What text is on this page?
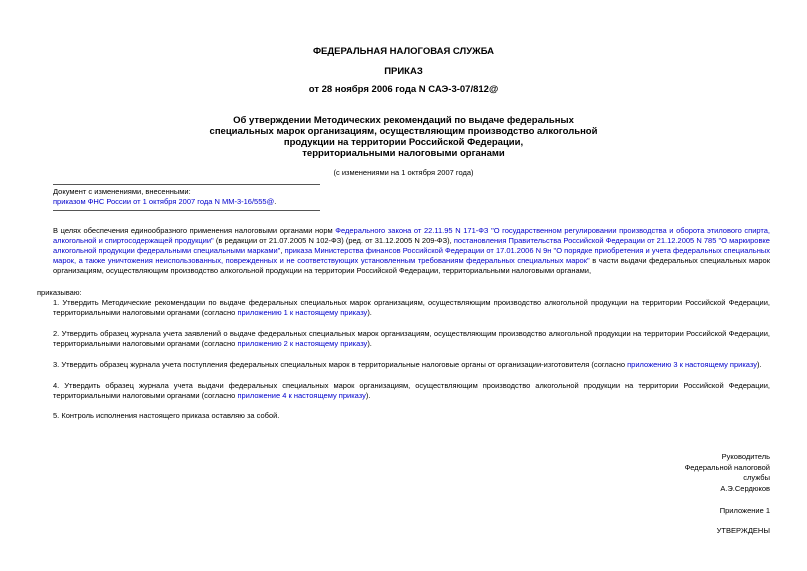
ФЕДЕРАЛЬНАЯ НАЛОГОВАЯ СЛУЖБА

ПРИКАЗ

от 28 ноября 2006 года N САЭ-3-07/812@

Об утверждении Методических рекомендаций по выдаче федеральных

специальных марок организациям, осуществляющим производство алкогольной

продукции на территории Российской Федерации,

территориальными налоговыми органами

(с изменениями на 1 октября 2007 года)

Документ с изменениями, внесенными:

приказом ФНС России от 1 октября 2007 года N ММ-3-16/555@.

В целях обеспечения единообразного применения налоговыми органами норм Федерального закона от 22.11.95 N 171-ФЗ "О государственном регулировании производства и оборота этилового спирта, алкогольной и спиртосодержащей продукции" (в редакции от 21.07.2005 N 102-ФЗ) (ред. от 31.12.2005 N 209-ФЗ), постановления Правительства Российской Федерации от 21.12.2005 N 785 "О маркировке алкогольной продукции федеральными специальными марками", приказа Министерства финансов Российской Федерации от 17.01.2006 N 9н "О порядке приобретения и учета федеральных специальных марок, а также уничтожения неиспользованных, поврежденных и не соответствующих установленным требованиям федеральных специальных марок" в части выдачи федеральных специальных марок организациям, осуществляющим производство алкогольной продукции на территории Российской Федерации, территориальными налоговыми органами,

приказываю:

1. Утвердить Методические рекомендации по выдаче федеральных специальных марок организациям, осуществляющим производство алкогольной продукции на территории Российской Федерации, территориальными налоговыми органами (согласно приложению 1 к настоящему приказу).

2. Утвердить образец журнала учета заявлений о выдаче федеральных специальных марок организациям, осуществляющим производство алкогольной продукции на территории Российской Федерации, территориальными налоговыми органами (согласно приложению 2 к настоящему приказу).

3. Утвердить образец журнала учета поступления федеральных специальных марок в территориальные налоговые органы от организации-изготовителя (согласно приложению 3 к настоящему приказу).

4. Утвердить образец журнала учета выдачи федеральных специальных марок организациям, осуществляющим производство алкогольной продукции на территории Российской Федерации, территориальными налоговыми органами (согласно приложение 4 к настоящему приказу).

5. Контроль исполнения настоящего приказа оставляю за собой.

Руководитель
Федеральной налоговой
службы
А.Э.Сердюков

Приложение 1

УТВЕРЖДЕНЫ
